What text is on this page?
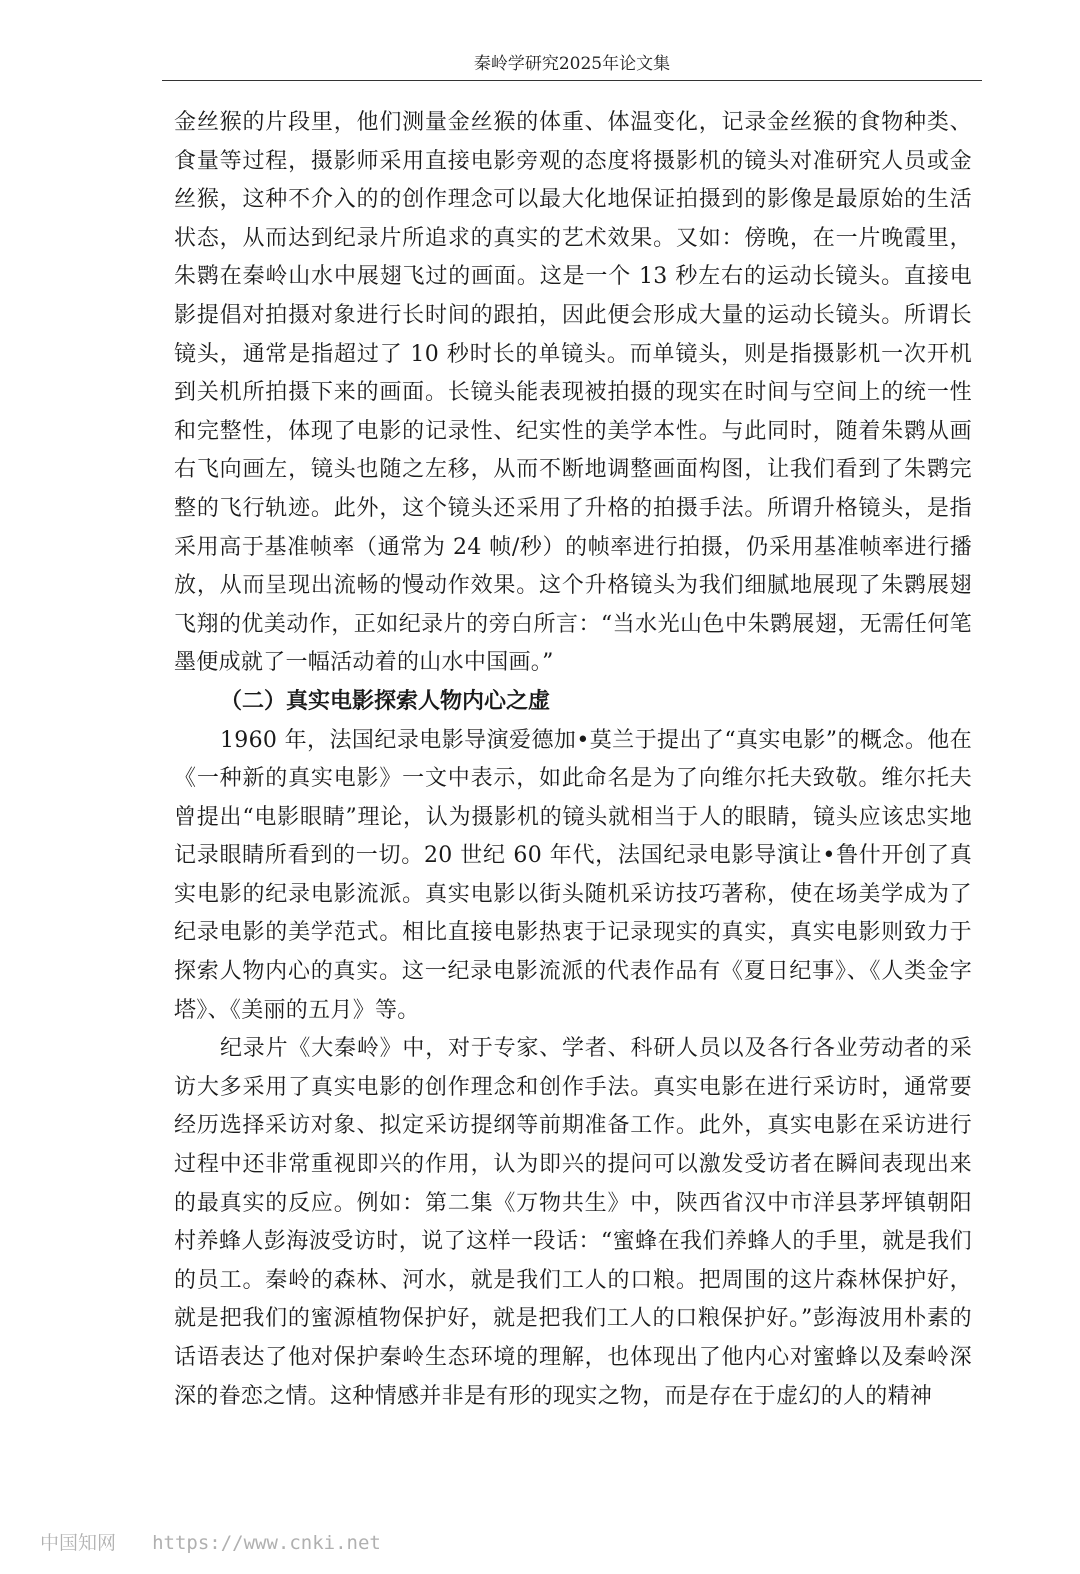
秦岭学研究2025年论文集

金丝猴的片段里，他们测量金丝猴的体重、体温变化，记录金丝猴的食物种类、食量等过程，摄影师采用直接电影旁观的态度将摄影机的镜头对准研究人员或金丝猴，这种不介入的的创作理念可以最大化地保证拍摄到的影像是最原始的生活状态，从而达到纪录片所追求的真实的艺术效果。又如：傍晚，在一片晚霞里，朱鹮在秦岭山水中展翅飞过的画面。这是一个 13 秒左右的运动长镜头。直接电影提倡对拍摄对象进行长时间的跟拍，因此便会形成大量的运动长镜头。所谓长镜头，通常是指超过了 10 秒时长的单镜头。而单镜头，则是指摄影机一次开机到关机所拍摄下来的画面。长镜头能表现被拍摄的现实在时间与空间上的统一性和完整性，体现了电影的记录性、纪实性的美学本性。与此同时，随着朱鹮从画右飞向画左，镜头也随之左移，从而不断地调整画面构图，让我们看到了朱鹮完整的飞行轨迹。此外，这个镜头还采用了升格的拍摄手法。所谓升格镜头，是指采用高于基准帧率（通常为 24 帧/秒）的帧率进行拍摄，仍采用基准帧率进行播放，从而呈现出流畅的慢动作效果。这个升格镜头为我们细腻地展现了朱鹮展翅飞翔的优美动作，正如纪录片的旁白所言：“当水光山色中朱鹮展翅，无需任何笔墨便成就了一幅活动着的山水中国画。”

（二）真实电影探索人物内心之虚

1960 年，法国纪录电影导演爱德加•莫兰于提出了“真实电影”的概念。他在《一种新的真实电影》一文中表示，如此命名是为了向维尔托夫致敬。维尔托夫曾提出“电影眼睛”理论，认为摄影机的镜头就相当于人的眼睛，镜头应该忠实地记录眼睛所看到的一切。20 世纪 60 年代，法国纪录电影导演让•鲁什开创了真实电影的纪录电影流派。真实电影以街头随机采访技巧著称，使在场美学成为了纪录电影的美学范式。相比直接电影热衷于记录现实的真实，真实电影则致力于探索人物内心的真实。这一纪录电影流派的代表作品有《夏日纪事》、《人类金字塔》、《美丽的五月》等。

纪录片《大秦岭》中，对于专家、学者、科研人员以及各行各业劳动者的采访大多采用了真实电影的创作理念和创作手法。真实电影在进行采访时，通常要经历选择采访对象、拟定采访提纲等前期准备工作。此外，真实电影在采访进行过程中还非常重视即兴的作用，认为即兴的提问可以激发受访者在瞬间表现出来的最真实的反应。例如：第二集《万物共生》中，陕西省汉中市洋县茅坪镇朝阳村养蜂人彭海波受访时，说了这样一段话：“蜜蜂在我们养蜂人的手里，就是我们的员工。秦岭的森林、河水，就是我们工人的口粮。把周围的这片森林保护好，就是把我们的蜜源植物保护好，就是把我们工人的口粮保护好。”彭海波用朴素的话语表达了他对保护秦岭生态环境的理解，也体现出了他内心对蜜蜂以及秦岭深深的眷恋之情。这种情感并非是有形的现实之物，而是存在于虚幻的人的精神

中国知网 https://www.cnki.net
